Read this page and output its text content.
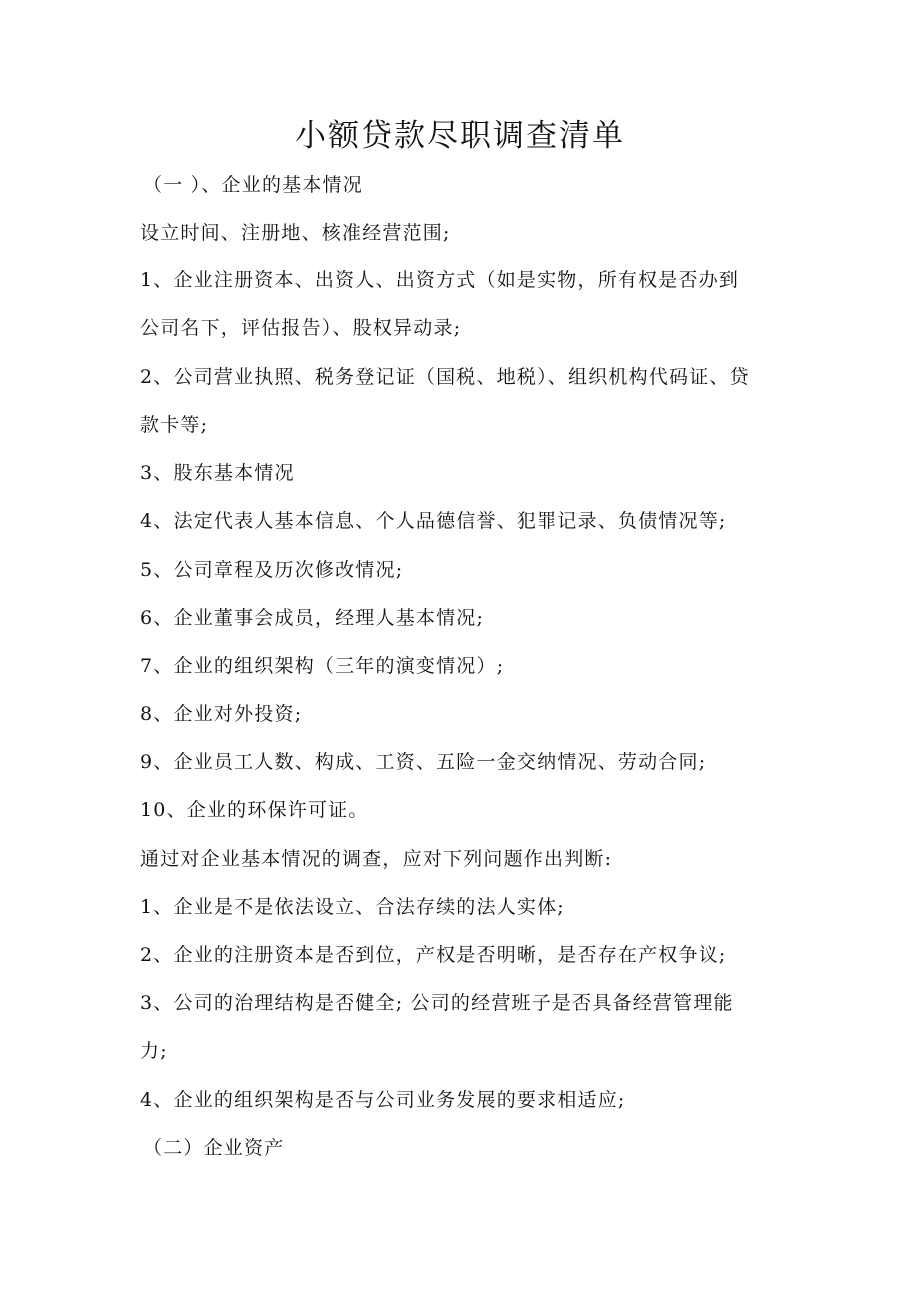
小额贷款尽职调查清单
（一 ）、企业的基本情况
设立时间、注册地、核准经营范围;
1、企业注册资本、出资人、出资方式（如是实物，所有权是否办到
公司名下，评估报告）、股权异动录;
2、公司营业执照、税务登记证（国税、地税）、组织机构代码证、贷
款卡等;
3、股东基本情况
4、法定代表人基本信息、个人品德信誉、犯罪记录、负债情况等;
5、公司章程及历次修改情况;
6、企业董事会成员，经理人基本情况;
7、企业的组织架构（三年的演变情况）;
8、企业对外投资;
9、企业员工人数、构成、工资、五险一金交纳情况、劳动合同;
10、企业的环保许可证。
通过对企业基本情况的调查，应对下列问题作出判断:
1、企业是不是依法设立、合法存续的法人实体;
2、企业的注册资本是否到位，产权是否明晰，是否存在产权争议;
3、公司的治理结构是否健全; 公司的经营班子是否具备经营管理能
力;
4、企业的组织架构是否与公司业务发展的要求相适应;
（二）企业资产
